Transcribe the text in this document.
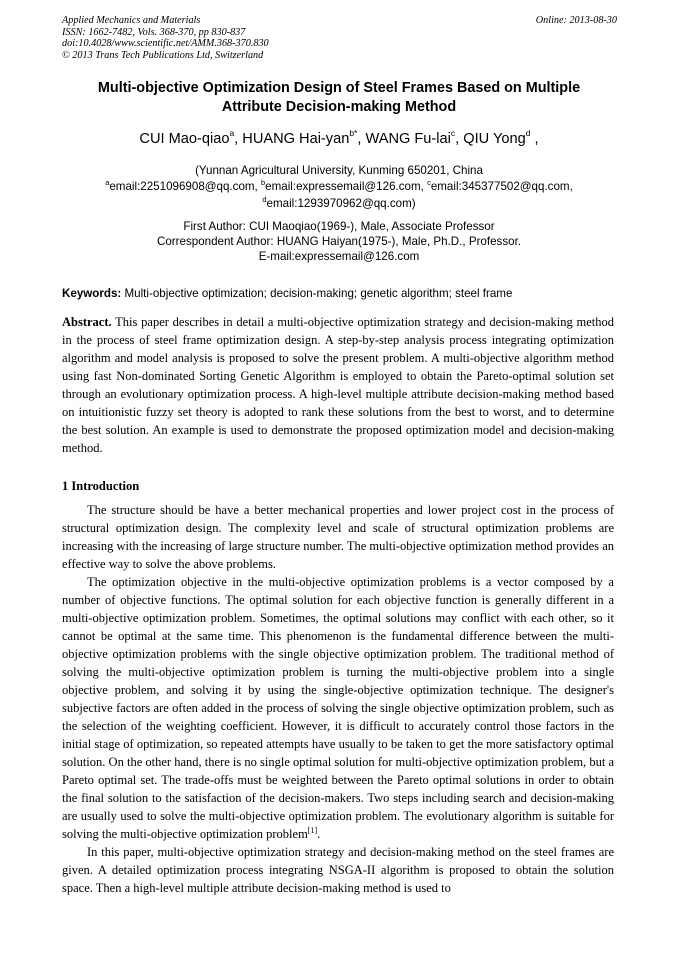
Applied Mechanics and Materials
ISSN: 1662-7482, Vols. 368-370, pp 830-837
doi:10.4028/www.scientific.net/AMM.368-370.830
© 2013 Trans Tech Publications Ltd, Switzerland
Online: 2013-08-30
Multi-objective Optimization Design of Steel Frames Based on Multiple
Attribute Decision-making Method
CUI Mao-qiao$^a$, HUANG Hai-yan$^{b*}$, WANG Fu-lai$^c$, QIU Yong$^d$ ,
(Yunnan Agricultural University, Kunming 650201, China
$^a$email:2251096908@qq.com, $^b$email:expressemail@126.com, $^c$email:345377502@qq.com,
$^d$email:1293970962@qq.com)
First Author: CUI Maoqiao(1969-), Male, Associate Professor
Correspondent Author: HUANG Haiyan(1975-), Male, Ph.D., Professor.
E-mail:expressemail@126.com
Keywords: Multi-objective optimization; decision-making; genetic algorithm; steel frame

Abstract. This paper describes in detail a multi-objective optimization strategy and decision-making method in the process of steel frame optimization design. A step-by-step analysis process integrating optimization algorithm and model analysis is proposed to solve the present problem. A multi-objective algorithm method using fast Non-dominated Sorting Genetic Algorithm is employed to obtain the Pareto-optimal solution set through an evolutionary optimization process. A high-level multiple attribute decision-making method based on intuitionistic fuzzy set theory is adopted to rank these solutions from the best to worst, and to determine the best solution. An example is used to demonstrate the proposed optimization model and decision-making method.

1 Introduction

The structure should be have a better mechanical properties and lower project cost in the process of structural optimization design. The complexity level and scale of structural optimization problems are increasing with the increasing of large structure number. The multi-objective optimization method provides an effective way to solve the above problems.

The optimization objective in the multi-objective optimization problems is a vector composed by a number of objective functions. The optimal solution for each objective function is generally different in a multi-objective optimization problem. Sometimes, the optimal solutions may conflict with each other, so it cannot be optimal at the same time. This phenomenon is the fundamental difference between the multi-objective optimization problems with the single objective optimization problem. The traditional method of solving the multi-objective optimization problem is turning the multi-objective problem into a single objective problem, and solving it by using the single-objective optimization technique. The designer's subjective factors are often added in the process of solving the single objective optimization problem, such as the selection of the weighting coefficient. However, it is difficult to accurately control those factors in the initial stage of optimization, so repeated attempts have usually to be taken to get the more satisfactory optimal solution. On the other hand, there is no single optimal solution for multi-objective optimization problem, but a Pareto optimal set. The trade-offs must be weighted between the Pareto optimal solutions in order to obtain the final solution to the satisfaction of the decision-makers. Two steps including search and decision-making are usually used to solve the multi-objective optimization problem. The evolutionary algorithm is suitable for solving the multi-objective optimization problem[1].

In this paper, multi-objective optimization strategy and decision-making method on the steel frames are given. A detailed optimization process integrating NSGA-II algorithm is proposed to obtain the solution space. Then a high-level multiple attribute decision-making method is used to
